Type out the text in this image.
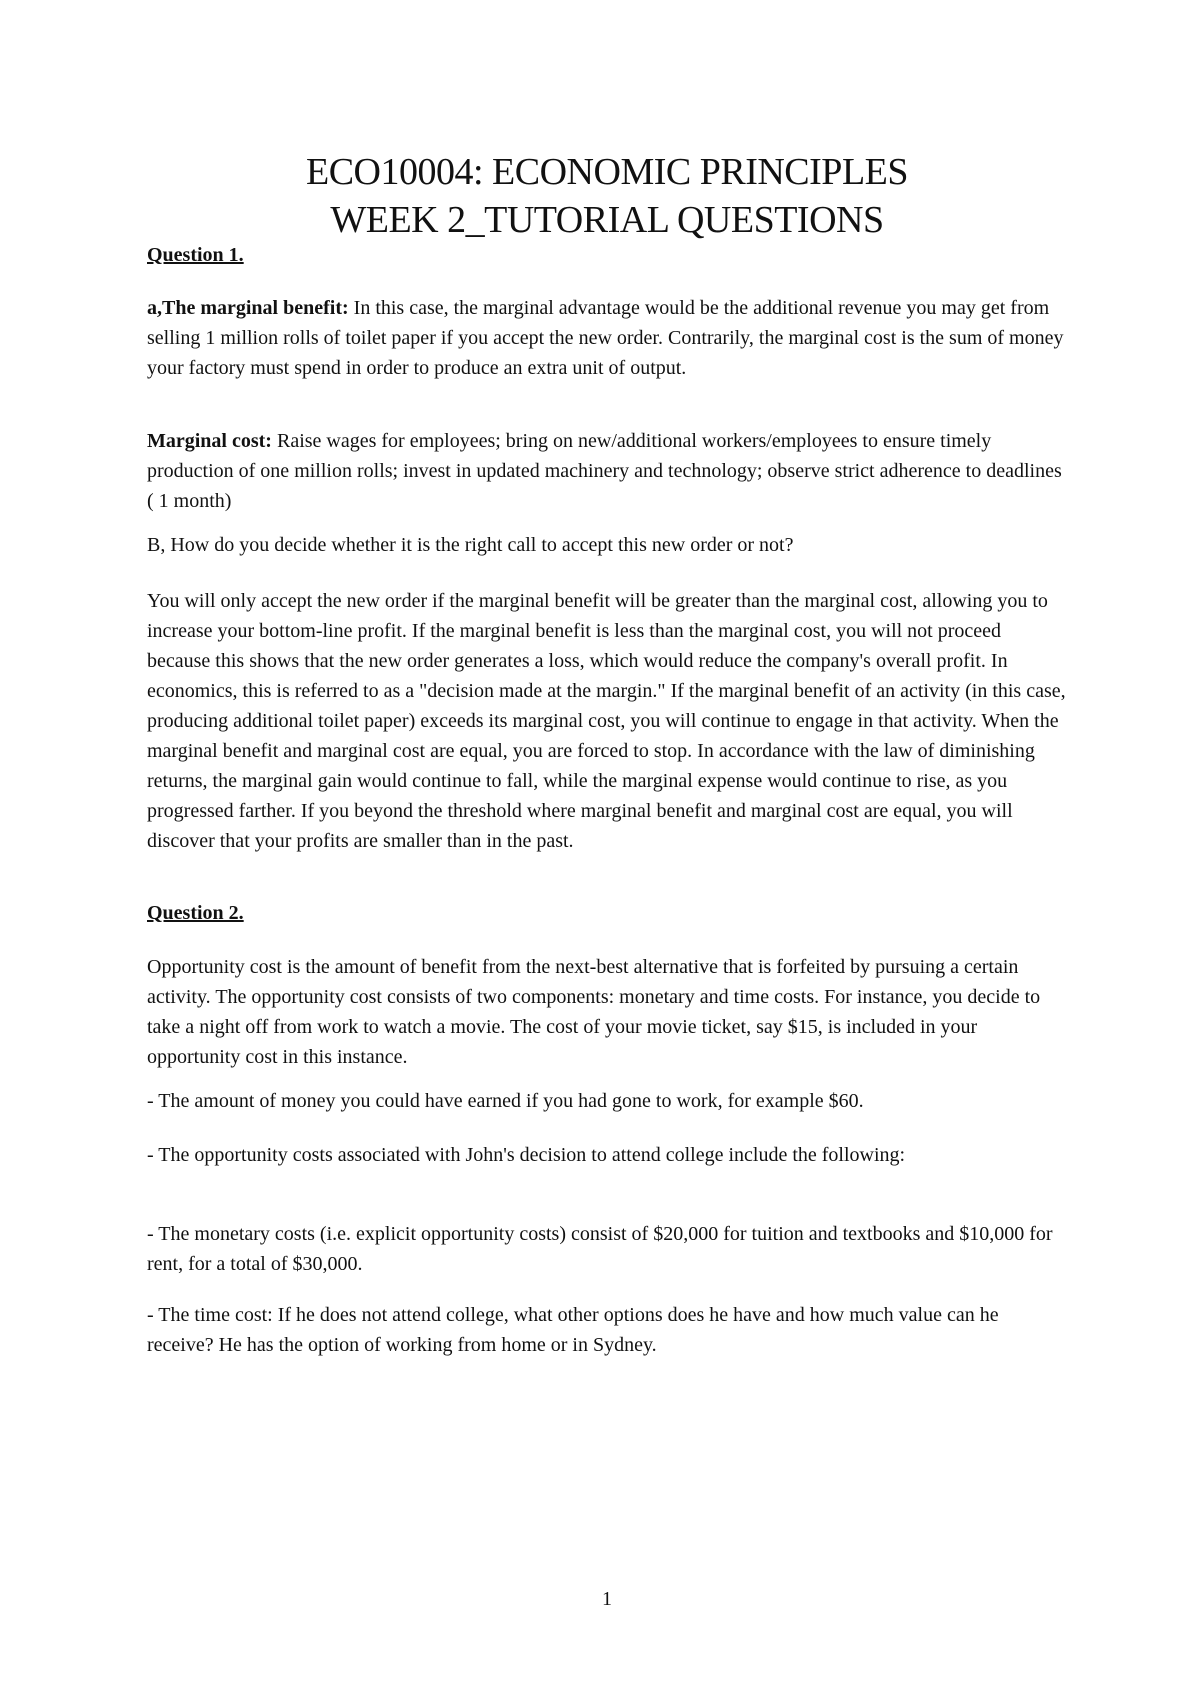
ECO10004: ECONOMIC PRINCIPLES
WEEK 2_TUTORIAL QUESTIONS
Question 1.

a,The marginal benefit: In this case, the marginal advantage would be the additional revenue you may get from selling 1 million rolls of toilet paper if you accept the new order. Contrarily, the marginal cost is the sum of money your factory must spend in order to produce an extra unit of output.

Marginal cost: Raise wages for employees; bring on new/additional workers/employees to ensure timely production of one million rolls; invest in updated machinery and technology; observe strict adherence to deadlines ( 1 month)

B, How do you decide whether it is the right call to accept this new order or not?

You will only accept the new order if the marginal benefit will be greater than the marginal cost, allowing you to increase your bottom-line profit. If the marginal benefit is less than the marginal cost, you will not proceed because this shows that the new order generates a loss, which would reduce the company's overall profit. In economics, this is referred to as a "decision made at the margin." If the marginal benefit of an activity (in this case, producing additional toilet paper) exceeds its marginal cost, you will continue to engage in that activity. When the marginal benefit and marginal cost are equal, you are forced to stop. In accordance with the law of diminishing returns, the marginal gain would continue to fall, while the marginal expense would continue to rise, as you progressed farther. If you beyond the threshold where marginal benefit and marginal cost are equal, you will discover that your profits are smaller than in the past.

Question 2.

Opportunity cost is the amount of benefit from the next-best alternative that is forfeited by pursuing a certain activity. The opportunity cost consists of two components: monetary and time costs. For instance, you decide to take a night off from work to watch a movie. The cost of your movie ticket, say $15, is included in your opportunity cost in this instance.

- The amount of money you could have earned if you had gone to work, for example $60.

- The opportunity costs associated with John's decision to attend college include the following:

- The monetary costs (i.e. explicit opportunity costs) consist of $20,000 for tuition and textbooks and $10,000 for rent, for a total of $30,000.

- The time cost: If he does not attend college, what other options does he have and how much value can he receive? He has the option of working from home or in Sydney.

1
